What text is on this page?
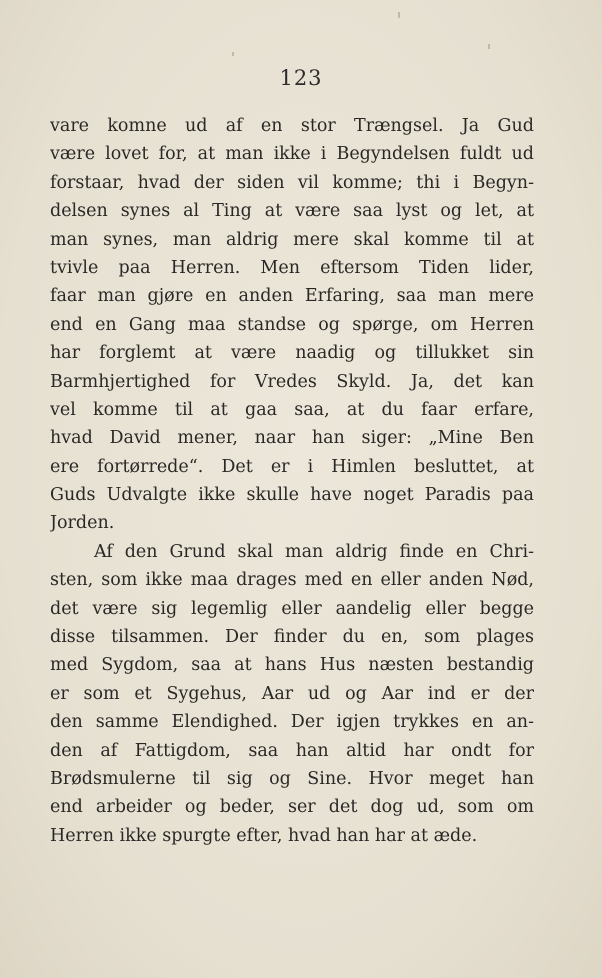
123
vare komne ud af en stor Trængsel. Ja Gud
være lovet for, at man ikke i Begyndelsen fuldt ud
forstaar, hvad der siden vil komme; thi i Begyn-
delsen synes al Ting at være saa lyst og let, at
man synes, man aldrig mere skal komme til at
tvivle paa Herren. Men eftersom Tiden lider,
faar man gjøre en anden Erfaring, saa man mere
end en Gang maa standse og spørge, om Herren
har forglemt at være naadig og tillukket sin
Barmhjertighed for Vredes Skyld. Ja, det kan
vel komme til at gaa saa, at du faar erfare,
hvad David mener, naar han siger: „Mine Ben
ere fortørrede“. Det er i Himlen besluttet, at
Guds Udvalgte ikke skulle have noget Paradis paa
Jorden.
Af den Grund skal man aldrig finde en Chri-
sten, som ikke maa drages med en eller anden Nød,
det være sig legemlig eller aandelig eller begge
disse tilsammen. Der finder du en, som plages
med Sygdom, saa at hans Hus næsten bestandig
er som et Sygehus, Aar ud og Aar ind er der
den samme Elendighed. Der igjen trykkes en an-
den af Fattigdom, saa han altid har ondt for
Brødsmulerne til sig og Sine. Hvor meget han
end arbeider og beder, ser det dog ud, som om
Herren ikke spurgte efter, hvad han har at æde.
